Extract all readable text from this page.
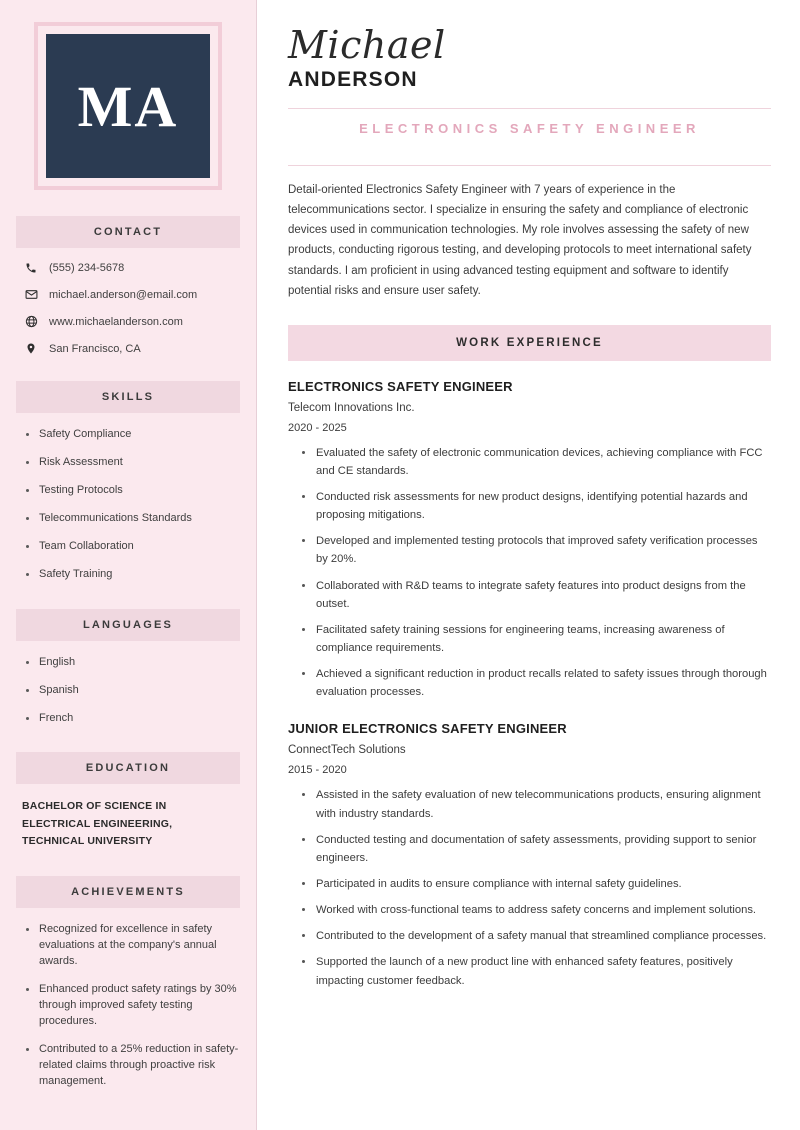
MA
CONTACT
(555) 234-5678
michael.anderson@email.com
www.michaelanderson.com
San Francisco, CA
SKILLS
Safety Compliance
Risk Assessment
Testing Protocols
Telecommunications Standards
Team Collaboration
Safety Training
LANGUAGES
English
Spanish
French
EDUCATION
BACHELOR OF SCIENCE IN ELECTRICAL ENGINEERING, TECHNICAL UNIVERSITY
ACHIEVEMENTS
Recognized for excellence in safety evaluations at the company's annual awards.
Enhanced product safety ratings by 30% through improved safety testing procedures.
Contributed to a 25% reduction in safety-related claims through proactive risk management.
Michael
ANDERSON
ELECTRONICS SAFETY ENGINEER

Detail-oriented Electronics Safety Engineer with 7 years of experience in the telecommunications sector. I specialize in ensuring the safety and compliance of electronic devices used in communication technologies. My role involves assessing the safety of new products, conducting rigorous testing, and developing protocols to meet international safety standards. I am proficient in using advanced testing equipment and software to identify potential risks and ensure user safety.

WORK EXPERIENCE
ELECTRONICS SAFETY ENGINEER
Telecom Innovations Inc.
2020 - 2025
Evaluated the safety of electronic communication devices, achieving compliance with FCC and CE standards.
Conducted risk assessments for new product designs, identifying potential hazards and proposing mitigations.
Developed and implemented testing protocols that improved safety verification processes by 20%.
Collaborated with R&D teams to integrate safety features into product designs from the outset.
Facilitated safety training sessions for engineering teams, increasing awareness of compliance requirements.
Achieved a significant reduction in product recalls related to safety issues through thorough evaluation processes.
JUNIOR ELECTRONICS SAFETY ENGINEER
ConnectTech Solutions
2015 - 2020
Assisted in the safety evaluation of new telecommunications products, ensuring alignment with industry standards.
Conducted testing and documentation of safety assessments, providing support to senior engineers.
Participated in audits to ensure compliance with internal safety guidelines.
Worked with cross-functional teams to address safety concerns and implement solutions.
Contributed to the development of a safety manual that streamlined compliance processes.
Supported the launch of a new product line with enhanced safety features, positively impacting customer feedback.
